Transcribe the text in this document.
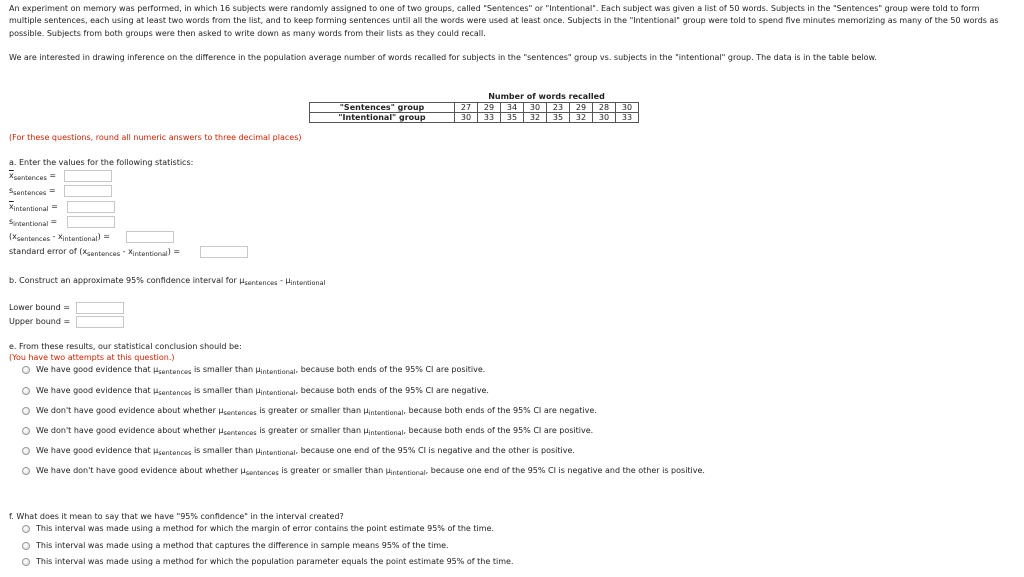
An experiment on memory was performed, in which 16 subjects were randomly assigned to one of two groups, called "Sentences" or "Intentional". Each subject was given a list of 50 words. Subjects in the "Sentences" group were told to form multiple sentences, each using at least two words from the list, and to keep forming sentences until all the words were used at least once. Subjects in the "Intentional" group were told to spend five minutes memorizing as many of the 50 words as possible. Subjects from both groups were then asked to write down as many words from their lists as they could recall.
We are interested in drawing inference on the difference in the population average number of words recalled for subjects in the "sentences" group vs. subjects in the "intentional" group. The data is in the table below.
	Number of words recalled							
"Sentences" group	27	29	34	30	23	29	28	30
"Intentional" group	30	33	35	32	35	32	30	33
(For these questions, round all numeric answers to three decimal places)
a. Enter the values for the following statistics:
$\overline{x}_{sentences}$ =
$s_{sentences}$ =
$\overline{x}_{intentional}$ =
$s_{intentional}$ =
$(x_{sentences} - x_{intentional})$ =
standard error of $(x_{sentences} - x_{intentional})$ =
b. Construct an approximate 95% confidence interval for $\mu_{sentences} - \mu_{intentional}$
Lower bound =
Upper bound =
e. From these results, our statistical conclusion should be:
(You have two attempts at this question.)
We have good evidence that $\mu_{sentences}$ is smaller than $\mu_{intentional}$, because both ends of the 95% CI are positive.
We have good evidence that $\mu_{sentences}$ is smaller than $\mu_{intentional}$, because both ends of the 95% CI are negative.
We don't have good evidence about whether $\mu_{sentences}$ is greater or smaller than $\mu_{intentional}$, because both ends of the 95% CI are negative.
We don't have good evidence about whether $\mu_{sentences}$ is greater or smaller than $\mu_{intentional}$, because both ends of the 95% CI are positive.
We have good evidence that $\mu_{sentences}$ is smaller than $\mu_{intentional}$, because one end of the 95% CI is negative and the other is positive.
We have don't have good evidence about whether $\mu_{sentences}$ is greater or smaller than $\mu_{intentional}$, because one end of the 95% CI is negative and the other is positive.
f. What does it mean to say that we have "95% confidence" in the interval created?
This interval was made using a method for which the margin of error contains the point estimate 95% of the time.
This interval was made using a method that captures the difference in sample means 95% of the time.
This interval was made using a method for which the population parameter equals the point estimate 95% of the time.
